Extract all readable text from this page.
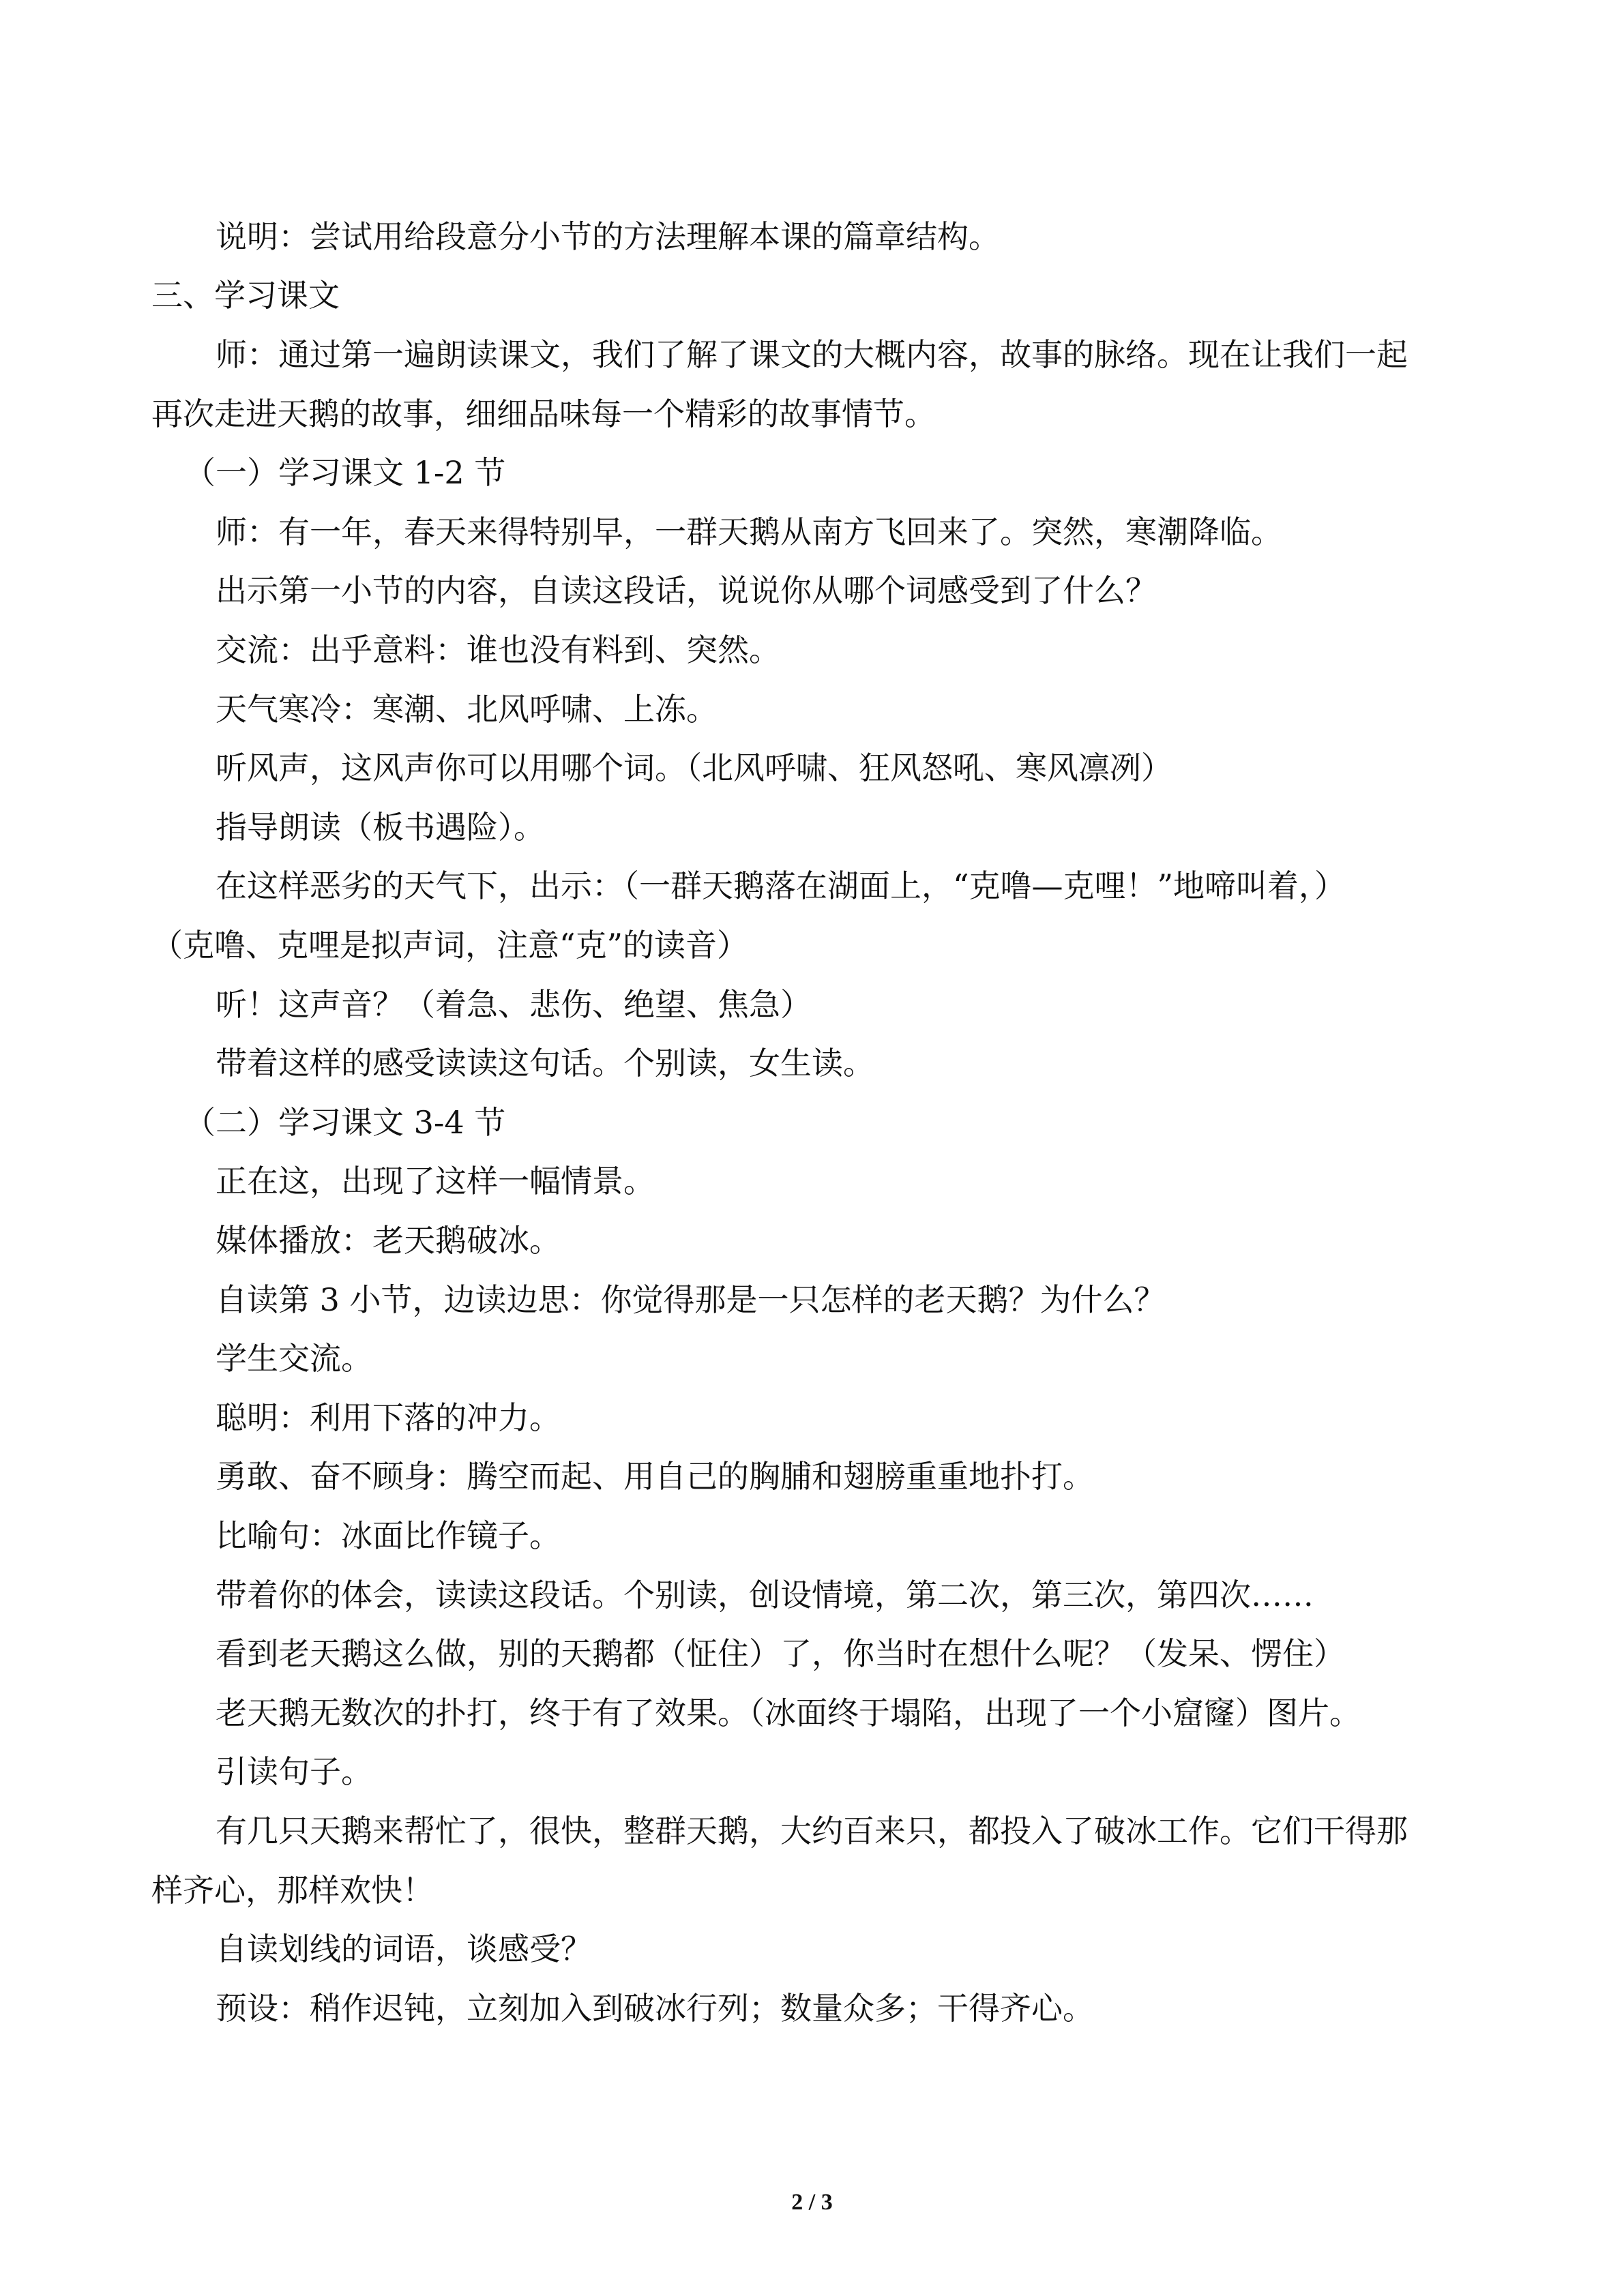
说明：尝试用给段意分小节的方法理解本课的篇章结构。
三、学习课文
师：通过第一遍朗读课文，我们了解了课文的大概内容，故事的脉络。现在让我们一起
再次走进天鹅的故事，细细品味每一个精彩的故事情节。
（一）学习课文 1-2 节
师：有一年，春天来得特别早，一群天鹅从南方飞回来了。突然，寒潮降临。
出示第一小节的内容，自读这段话，说说你从哪个词感受到了什么？
交流：出乎意料：谁也没有料到、突然。
天气寒冷：寒潮、北风呼啸、上冻。
听风声，这风声你可以用哪个词。（北风呼啸、狂风怒吼、寒风凛冽）
指导朗读（板书遇险）。
在这样恶劣的天气下，出示：（一群天鹅落在湖面上，“克噜—克哩！”地啼叫着，）
（克噜、克哩是拟声词，注意“克”的读音）
听！这声音？（着急、悲伤、绝望、焦急）
带着这样的感受读读这句话。个别读，女生读。
（二）学习课文 3-4 节
正在这，出现了这样一幅情景。
媒体播放：老天鹅破冰。
自读第 3 小节，边读边思：你觉得那是一只怎样的老天鹅？为什么？
学生交流。
聪明：利用下落的冲力。
勇敢、奋不顾身：腾空而起、用自己的胸脯和翅膀重重地扑打。
比喻句：冰面比作镜子。
带着你的体会，读读这段话。个别读，创设情境，第二次，第三次，第四次……
看到老天鹅这么做，别的天鹅都（怔住）了，你当时在想什么呢？（发呆、愣住）
老天鹅无数次的扑打，终于有了效果。（冰面终于塌陷，出现了一个小窟窿）图片。
引读句子。
有几只天鹅来帮忙了，很快，整群天鹅，大约百来只，都投入了破冰工作。它们干得那
样齐心，那样欢快！
自读划线的词语，谈感受？
预设：稍作迟钝，立刻加入到破冰行列；数量众多；干得齐心。
2 / 3
